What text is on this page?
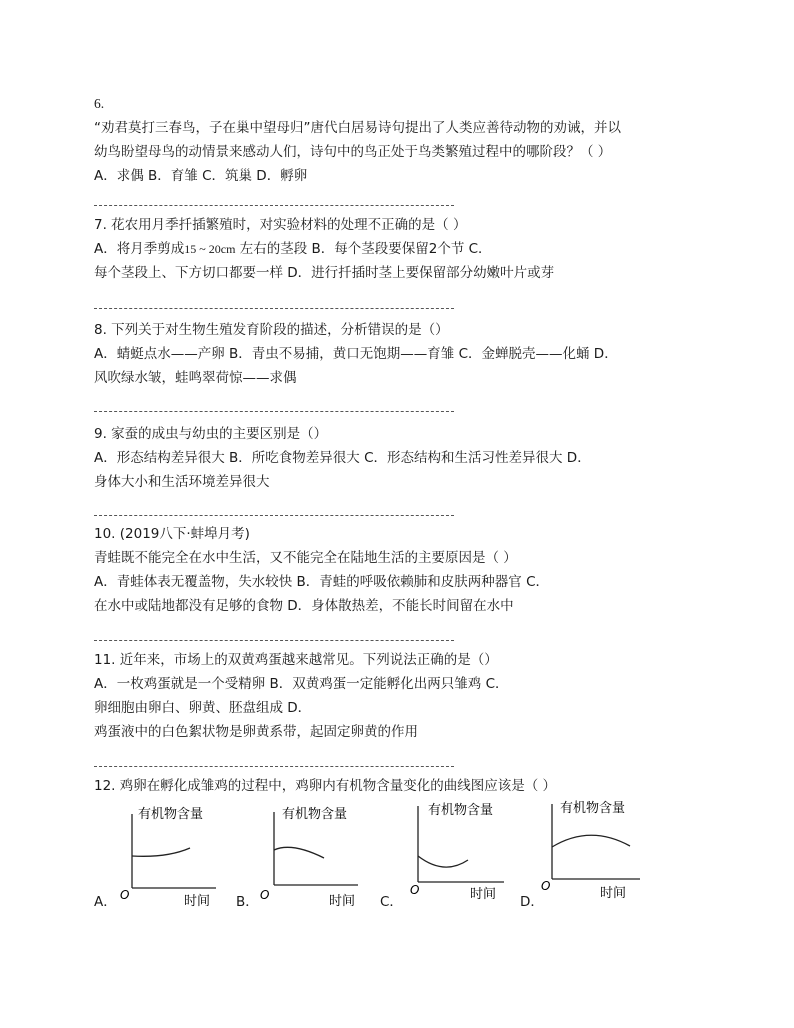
6.
“劝君莫打三春鸟，子在巢中望母归”唐代白居易诗句提出了人类应善待动物的劝诫，并以
幼鸟盼望母鸟的动情景来感动人们，诗句中的鸟正处于鸟类繁殖过程中的哪阶段？（ ）
A．求偶 B．育雏 C．筑巢 D．孵卵
7. 花农用月季扦插繁殖时，对实验材料的处理不正确的是（ ）
A．将月季剪成15 ~ 20cm 左右的茎段 B．每个茎段要保留2个节 C．
每个茎段上、下方切口都要一样 D．进行扦插时茎上要保留部分幼嫩叶片或芽
8. 下列关于对生物生殖发育阶段的描述，分析错误的是（）
A．蜻蜓点水——产卵 B．青虫不易捕，黄口无饱期——育雏 C．金蝉脱壳——化蛹 D．
风吹绿水皱，蛙鸣翠荷惊——求偶
9. 家蚕的成虫与幼虫的主要区别是（）
A．形态结构差异很大 B．所吃食物差异很大 C．形态结构和生活习性差异很大 D．
身体大小和生活环境差异很大
10. (2019八下·蚌埠月考)
青蛙既不能完全在水中生活，又不能完全在陆地生活的主要原因是（ ）
A．青蛙体表无覆盖物，失水较快 B．青蛙的呼吸依赖肺和皮肤两种器官 C．
在水中或陆地都没有足够的食物 D．身体散热差，不能长时间留在水中
11. 近年来，市场上的双黄鸡蛋越来越常见。下列说法正确的是（）
A．一枚鸡蛋就是一个受精卵 B．双黄鸡蛋一定能孵化出两只雏鸡 C．
卵细胞由卵白、卵黄、胚盘组成 D．
鸡蛋液中的白色絮状物是卵黄系带，起固定卵黄的作用
12. 鸡卵在孵化成雏鸡的过程中，鸡卵内有机物含量变化的曲线图应该是（ ）
有机物含量
O	时间
A．
有机物含量
O	时间
B．
有机物含量
O	时间
C．
有机物含量
O	时间
D．
